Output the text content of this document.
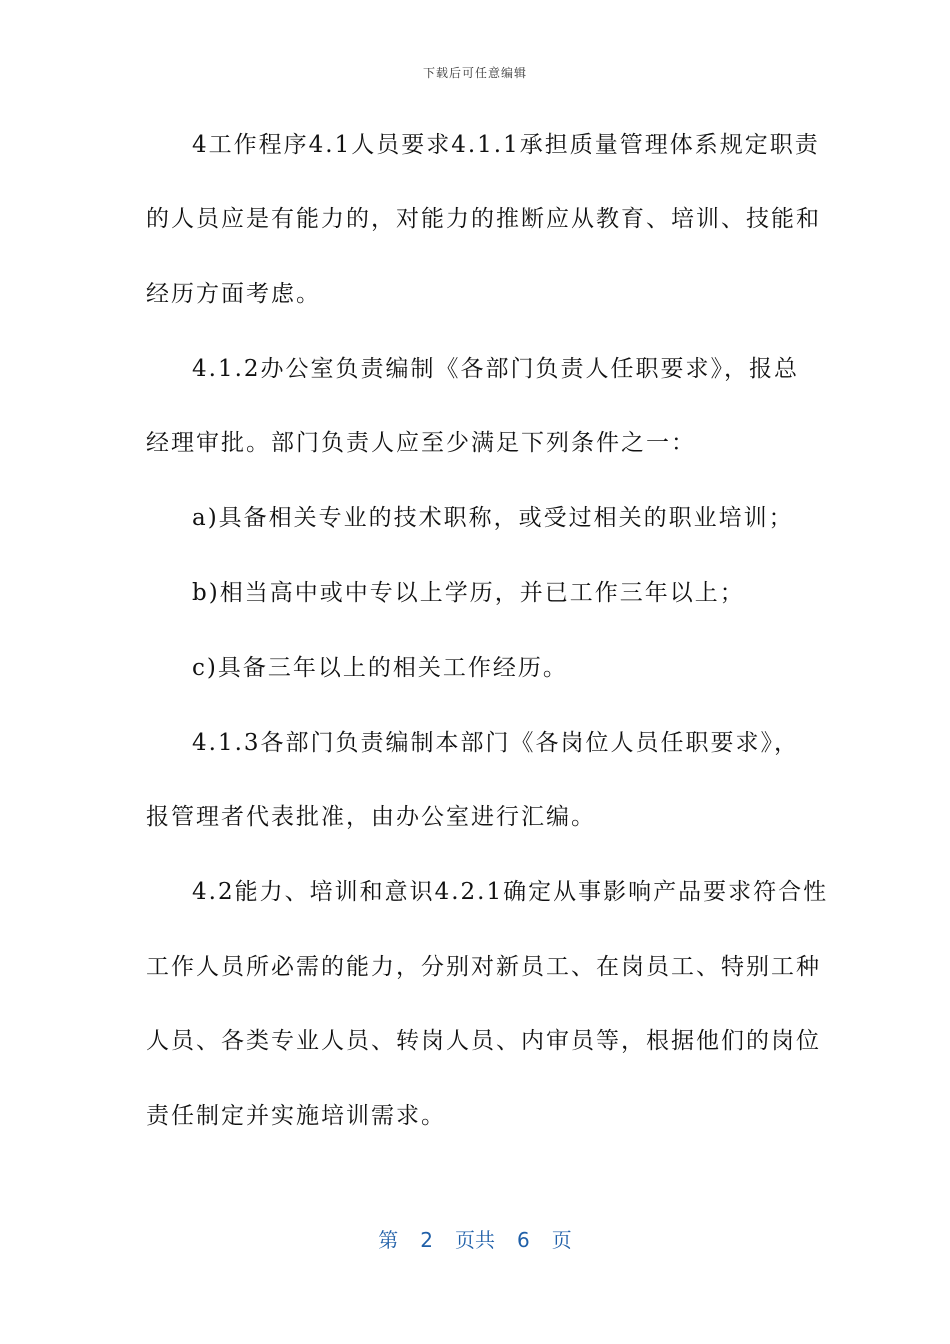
下载后可任意编辑
4工作程序4.1人员要求4.1.1承担质量管理体系规定职责
的人员应是有能力的，对能力的推断应从教育、培训、技能和
经历方面考虑。
4.1.2办公室负责编制《各部门负责人任职要求》，报总
经理审批。部门负责人应至少满足下列条件之一：
a)具备相关专业的技术职称，或受过相关的职业培训；
b)相当高中或中专以上学历，并已工作三年以上；
c)具备三年以上的相关工作经历。
4.1.3各部门负责编制本部门《各岗位人员任职要求》，
报管理者代表批准，由办公室进行汇编。
4.2能力、培训和意识4.2.1确定从事影响产品要求符合性
工作人员所必需的能力，分别对新员工、在岗员工、特别工种
人员、各类专业人员、转岗人员、内审员等，根据他们的岗位
责任制定并实施培训需求。
第 2 页共 6 页
